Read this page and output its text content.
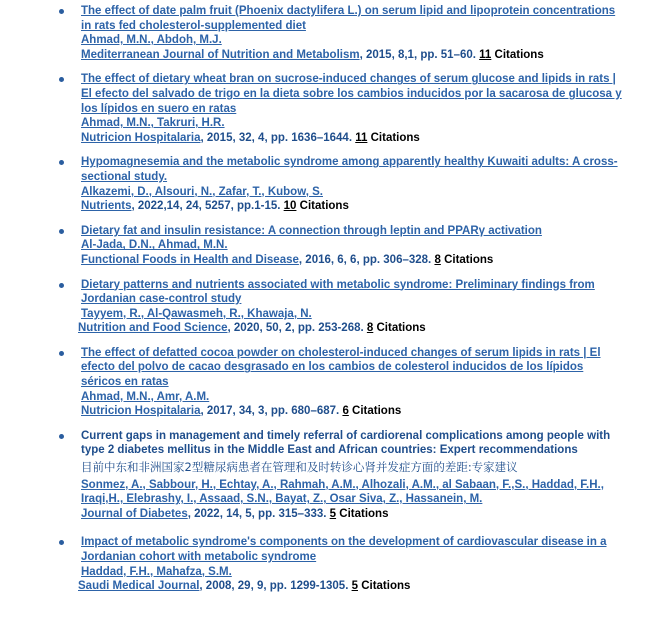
The effect of date palm fruit (Phoenix dactylifera L.) on serum lipid and lipoprotein concentrations
in rats fed cholesterol-supplemented diet
Ahmad, M.N., Abdoh, M.J.
Mediterranean Journal of Nutrition and Metabolism, 2015, 8,1, pp. 51–60. 11 Citations
The effect of dietary wheat bran on sucrose-induced changes of serum glucose and lipids in rats |
El efecto del salvado de trigo en la dieta sobre los cambios inducidos por la sacarosa de glucosa y
los lípidos en suero en ratas
Ahmad, M.N., Takruri, H.R.
Nutricion Hospitalaria, 2015, 32, 4, pp. 1636–1644. 11 Citations
Hypomagnesemia and the metabolic syndrome among apparently healthy Kuwaiti adults: A cross-
sectional study.
Alkazemi, D., Alsouri, N., Zafar, T., Kubow, S.
Nutrients, 2022,14, 24, 5257, pp.1-15. 10 Citations
Dietary fat and insulin resistance: A connection through leptin and PPARγ activation
Al-Jada, D.N., Ahmad, M.N.
Functional Foods in Health and Disease, 2016, 6, 6, pp. 306–328. 8 Citations
Dietary patterns and nutrients associated with metabolic syndrome: Preliminary findings from
Jordanian case-control study
Tayyem, R., Al-Qawasmeh, R., Khawaja, N.
Nutrition and Food Science, 2020, 50, 2, pp. 253-268. 8 Citations
The effect of defatted cocoa powder on cholesterol-induced changes of serum lipids in rats | El
efecto del polvo de cacao desgrasado en los cambios de colesterol inducidos de los lípidos
séricos en ratas
Ahmad, M.N., Amr, A.M.
Nutricion Hospitalaria, 2017, 34, 3, pp. 680–687. 6 Citations
Current gaps in management and timely referral of cardiorenal complications among people with
type 2 diabetes mellitus in the Middle East and African countries: Expert recommendations
目前中东和非洲国家2型糖尿病患者在管理和及时转诊心肾并发症方面的差距:专家建议
Sonmez, A., Sabbour, H., Echtay, A., Rahmah, A.M., Alhozali, A.M., al Sabaan, F.,S., Haddad, F.H.,
Iraqi,H., Elebrashy, I., Assaad, S.N., Bayat, Z., Osar Siva, Z., Hassanein, M.
Journal of Diabetes, 2022, 14, 5, pp. 315–333. 5 Citations
Impact of metabolic syndrome's components on the development of cardiovascular disease in a
Jordanian cohort with metabolic syndrome
Haddad, F.H., Mahafza, S.M.
Saudi Medical Journal, 2008, 29, 9, pp. 1299-1305. 5 Citations
